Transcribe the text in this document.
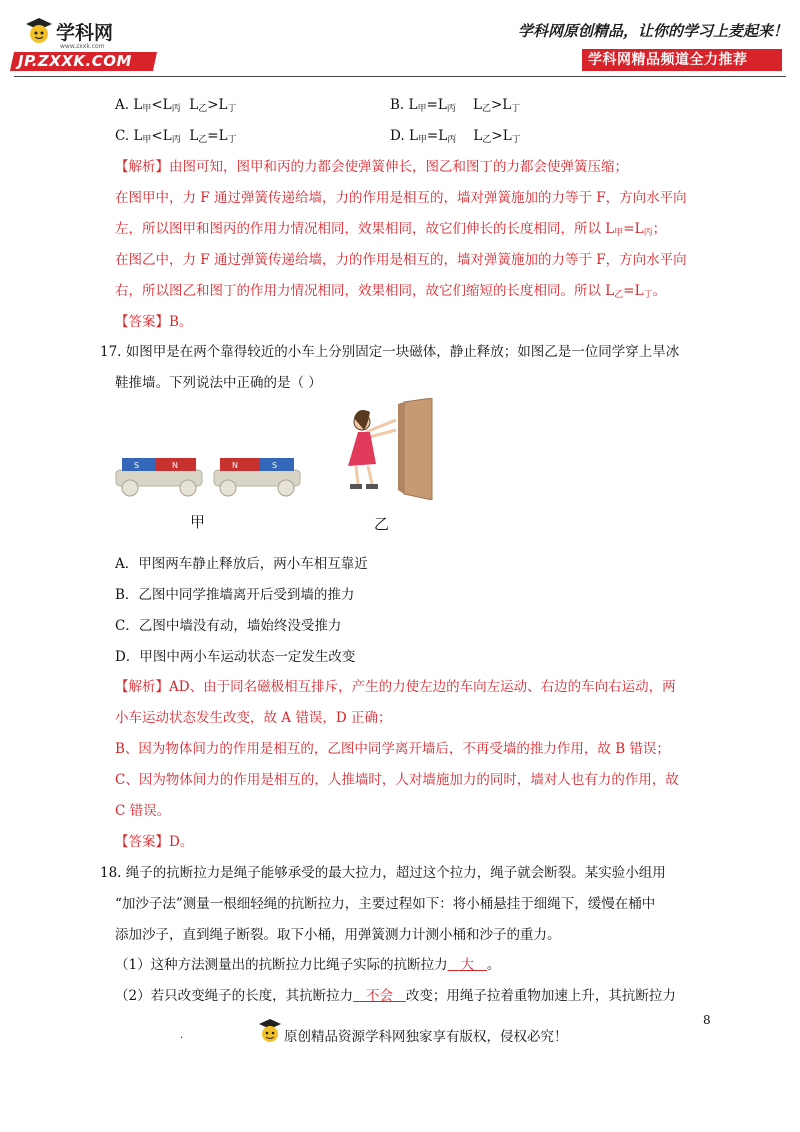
学科网
www.zxxk.com
JP.ZXXK.COM
学科网原创精品，让你的学习上麦起来！
学科网精品频道全力推荐
A. $L_甲<L_丙$ $L_乙>L_丁$	B. $L_甲=L_丙$ $L_乙>L_丁$
C. $L_甲<L_丙$ $L_乙=L_丁$	D. $L_甲=L_丙$ $L_乙>L_丁$
【解析】由图可知，图甲和丙的力都会使弹簧伸长，图乙和图丁的力都会使弹簧压缩；
在图甲中，力 F 通过弹簧传递给墙，力的作用是相互的，墙对弹簧施加的力等于 F，方向水平向
左，所以图甲和图丙的作用力情况相同，效果相同，故它们伸长的长度相同，所以 $L_甲=L_丙$；
在图乙中，力 F 通过弹簧传递给墙，力的作用是相互的，墙对弹簧施加的力等于 F，方向水平向
右，所以图乙和图丁的作用力情况相同，效果相同，故它们缩短的长度相同。所以 $L_乙=L_丁$。
【答案】B。
17. 如图甲是在两个靠得较近的小车上分别固定一块磁体，静止释放；如图乙是一位同学穿上旱冰
鞋推墙。下列说法中正确的是（ ）
S	N	N	S
甲	乙
A．甲图两车静止释放后，两小车相互靠近
B．乙图中同学推墙离开后受到墙的推力
C．乙图中墙没有动，墙始终没受推力
D．甲图中两小车运动状态一定发生改变
【解析】AD、由于同名磁极相互排斥，产生的力使左边的车向左运动、右边的车向右运动，两
小车运动状态发生改变，故 A 错误，D 正确；
B、因为物体间力的作用是相互的，乙图中同学离开墙后，不再受墙的推力作用，故 B 错误；
C、因为物体间力的作用是相互的，人推墙时，人对墙施加力的同时，墙对人也有力的作用，故
C 错误。
【答案】D。
18. 绳子的抗断拉力是绳子能够承受的最大拉力，超过这个拉力，绳子就会断裂。某实验小组用
“加沙子法”测量一根细轻绳的抗断拉力，主要过程如下：将小桶悬挂于细绳下，缓慢在桶中
添加沙子，直到绳子断裂。取下小桶，用弹簧测力计测小桶和沙子的重力。
（1）这种方法测量出的抗断拉力比绳子实际的抗断拉力   大   。
（2）若只改变绳子的长度，其抗断拉力   不会   改变；用绳子拉着重物加速上升，其抗断拉力
8
.	原创精品资源学科网独家享有版权，侵权必究！
